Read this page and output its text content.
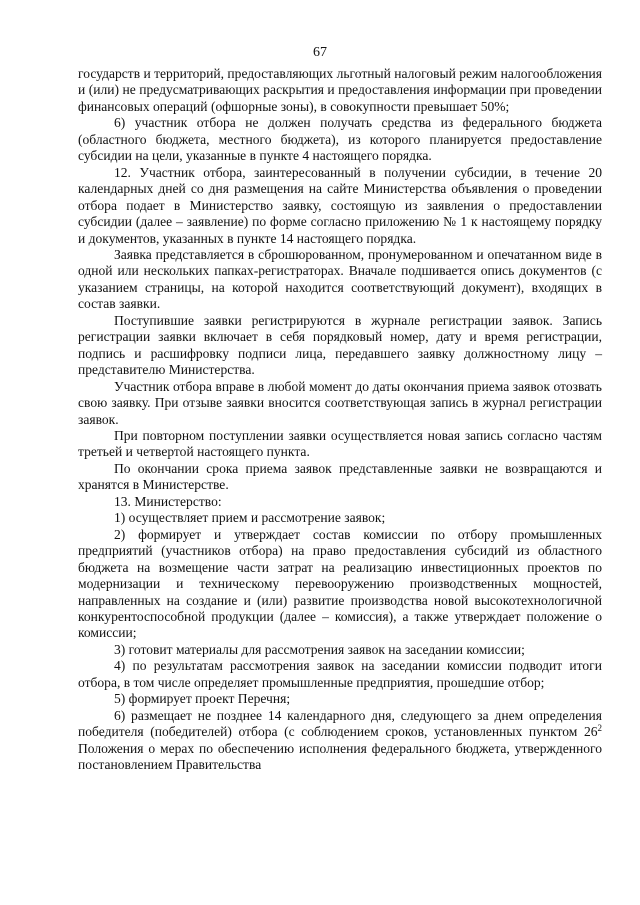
67

государств и территорий, предоставляющих льготный налоговый режим налогообложения и (или) не предусматривающих раскрытия и предоставления информации при проведении финансовых операций (офшорные зоны), в совокупности превышает 50%;

6) участник отбора не должен получать средства из федерального бюджета (областного бюджета, местного бюджета), из которого планируется предоставление субсидии на цели, указанные в пункте 4 настоящего порядка.

12. Участник отбора, заинтересованный в получении субсидии, в течение 20 календарных дней со дня размещения на сайте Министерства объявления о проведении отбора подает в Министерство заявку, состоящую из заявления о предоставлении субсидии (далее – заявление) по форме согласно приложению № 1 к настоящему порядку и документов, указанных в пункте 14 настоящего порядка.

Заявка представляется в сброшюрованном, пронумерованном и опечатанном виде в одной или нескольких папках-регистраторах. Вначале подшивается опись документов (с указанием страницы, на которой находится соответствующий документ), входящих в состав заявки.

Поступившие заявки регистрируются в журнале регистрации заявок. Запись регистрации заявки включает в себя порядковый номер, дату и время регистрации, подпись и расшифровку подписи лица, передавшего заявку должностному лицу – представителю Министерства.

Участник отбора вправе в любой момент до даты окончания приема заявок отозвать свою заявку. При отзыве заявки вносится соответствующая запись в журнал регистрации заявок.

При повторном поступлении заявки осуществляется новая запись согласно частям третьей и четвертой настоящего пункта.

По окончании срока приема заявок представленные заявки не возвращаются и хранятся в Министерстве.

13. Министерство:

1) осуществляет прием и рассмотрение заявок;

2) формирует и утверждает состав комиссии по отбору промышленных предприятий (участников отбора) на право предоставления субсидий из областного бюджета на возмещение части затрат на реализацию инвестиционных проектов по модернизации и техническому перевооружению производственных мощностей, направленных на создание и (или) развитие производства новой высокотехнологичной конкурентоспособной продукции (далее – комиссия), а также утверждает положение о комиссии;

3) готовит материалы для рассмотрения заявок на заседании комиссии;

4) по результатам рассмотрения заявок на заседании комиссии подводит итоги отбора, в том числе определяет промышленные предприятия, прошедшие отбор;

5) формирует проект Перечня;

6) размещает не позднее 14 календарного дня, следующего за днем определения победителя (победителей) отбора (с соблюдением сроков, установленных пунктом $26^2$ Положения о мерах по обеспечению исполнения федерального бюджета, утвержденного постановлением Правительства
